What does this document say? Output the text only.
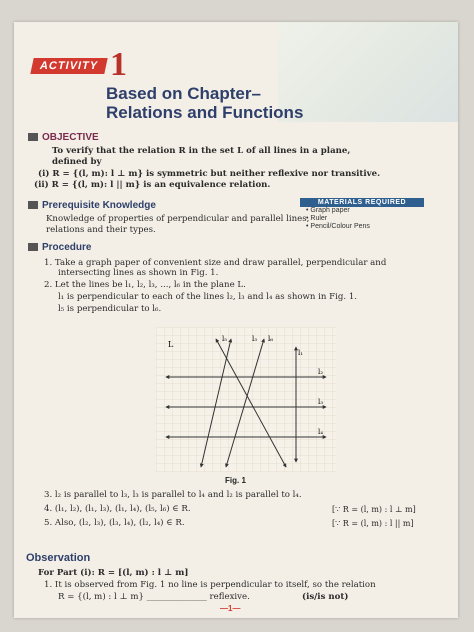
ACTIVITY 1
Based on Chapter–
Relations and Functions
OBJECTIVE
To verify that the relation R in the set L of all lines in a plane,
defined by
(i) R = {(l, m): l ⊥ m} is symmetric but neither reflexive nor transitive.
(ii) R = {(l, m): l || m} is an equivalence relation.
Prerequisite Knowledge
Knowledge of properties of perpendicular and parallel lines,
relations and their types.
MATERIALS REQUIRED
• Graph paper
• Ruler
• Pencil/Colour Pens
Procedure
1. Take a graph paper of convenient size and draw parallel, perpendicular and
intersecting lines as shown in Fig. 1.
2. Let the lines be l₁, l₂, l₃, ..., l₆ in the plane L.
l₁ is perpendicular to each of the lines l₂, l₃ and l₄ as shown in Fig. 1.
l₅ is perpendicular to l₆.
L
l₅	l₃ l₆
l₁
l₂
l₃
l₄
Fig. 1
3. l₂ is parallel to l₃, l₃ is parallel to l₄ and l₂ is parallel to l₄.
4. (l₁, l₂), (l₁, l₃), (l₁, l₄), (l₅, l₆) ∈ R.	[∵ R = (l, m) : l ⊥ m]
5. Also, (l₂, l₃), (l₃, l₄), (l₂, l₄) ∈ R.	[∵ R = (l, m) : l || m]
Observation
For Part (i): R = [(l, m) : l ⊥ m]
1. It is observed from Fig. 1 no line is perpendicular to itself, so the relation
R = {(l, m) : l ⊥ m} ______________ reflexive.	(is/is not)
—1—
